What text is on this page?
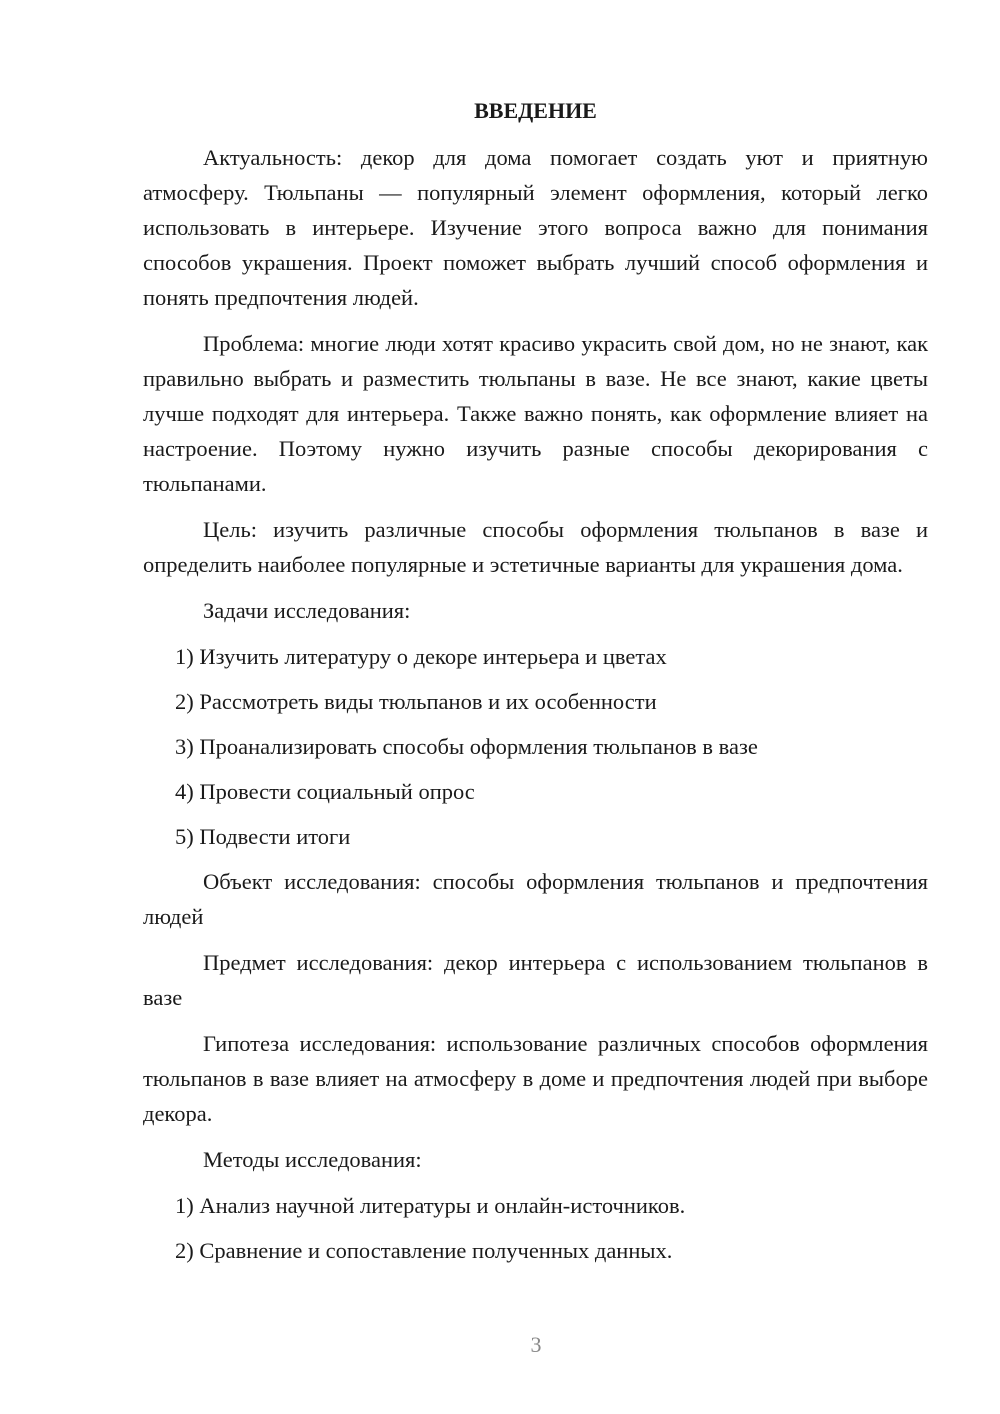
ВВЕДЕНИЕ

Актуальность: декор для дома помогает создать уют и приятную атмосферу. Тюльпаны — популярный элемент оформления, который легко использовать в интерьере. Изучение этого вопроса важно для понимания способов украшения. Проект поможет выбрать лучший способ оформления и понять предпочтения людей.

Проблема: многие люди хотят красиво украсить свой дом, но не знают, как правильно выбрать и разместить тюльпаны в вазе. Не все знают, какие цветы лучше подходят для интерьера. Также важно понять, как оформление влияет на настроение. Поэтому нужно изучить разные способы декорирования с тюльпанами.

Цель: изучить различные способы оформления тюльпанов в вазе и определить наиболее популярные и эстетичные варианты для украшения дома.

Задачи исследования:
1) Изучить литературу о декоре интерьера и цветах
2) Рассмотреть виды тюльпанов и их особенности
3) Проанализировать способы оформления тюльпанов в вазе
4) Провести социальный опрос
5) Подвести итоги

Объект исследования: способы оформления тюльпанов и предпочтения людей

Предмет исследования: декор интерьера с использованием тюльпанов в вазе

Гипотеза исследования: использование различных способов оформления тюльпанов в вазе влияет на атмосферу в доме и предпочтения людей при выборе декора.

Методы исследования:
1) Анализ научной литературы и онлайн-источников.
2) Сравнение и сопоставление полученных данных.
3
